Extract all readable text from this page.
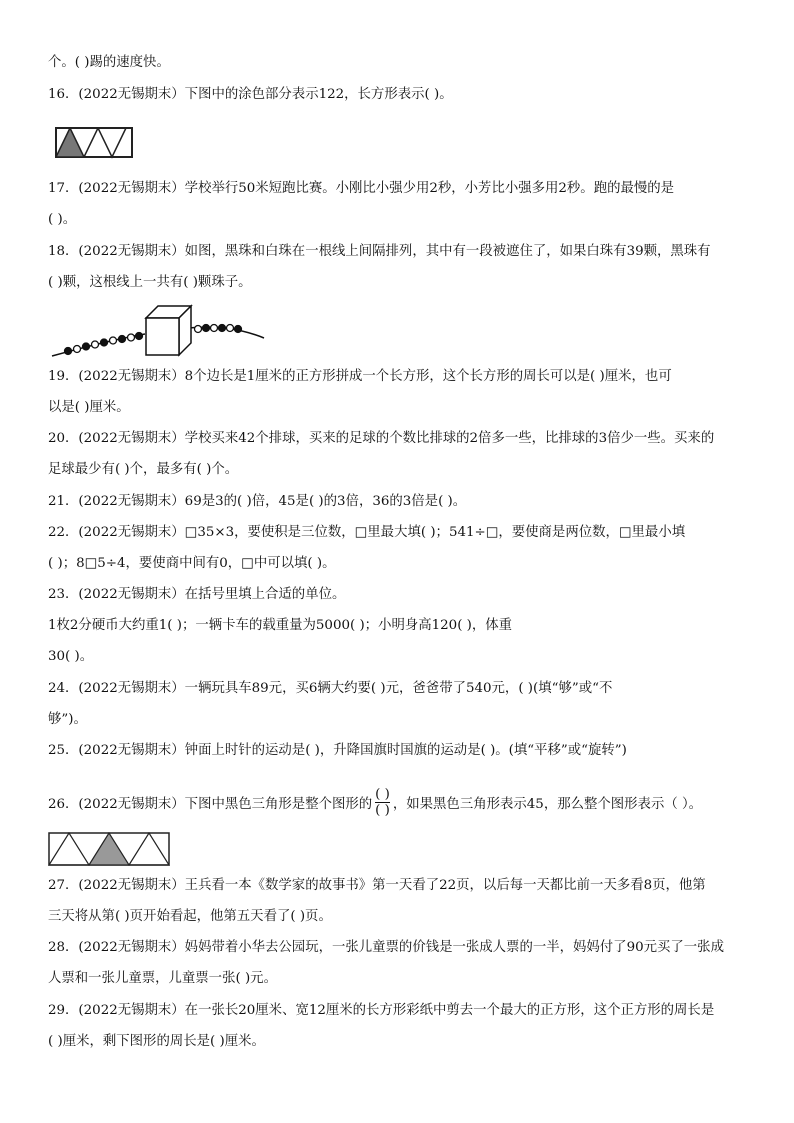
个。( )踢的速度快。
16．(2022无锡期末）下图中的涂色部分表示122，长方形表示( )。
17．(2022无锡期末）学校举行50米短跑比赛。小刚比小强少用2秒，小芳比小强多用2秒。跑的最慢的是
( )。
18．(2022无锡期末）如图，黑珠和白珠在一根线上间隔排列，其中有一段被遮住了，如果白珠有39颗，黑珠有
( )颗，这根线上一共有( )颗珠子。
19．(2022无锡期末）8个边长是1厘米的正方形拼成一个长方形，这个长方形的周长可以是( )厘米，也可
以是( )厘米。
20．(2022无锡期末）学校买来42个排球，买来的足球的个数比排球的2倍多一些，比排球的3倍少一些。买来的
足球最少有( )个，最多有( )个。
21．(2022无锡期末）69是3的( )倍，45是( )的3倍，36的3倍是( )。
22．(2022无锡期末）□35×3，要使积是三位数，□里最大填( )；541÷□，要使商是两位数，□里最小填
( )；8□5÷4，要使商中间有0，□中可以填( )。
23．(2022无锡期末）在括号里填上合适的单位。
1枚2分硬币大约重1( )；一辆卡车的载重量为5000( )；小明身高120( )，体重
30( )。
24．(2022无锡期末）一辆玩具车89元，买6辆大约要( )元，爸爸带了540元，( )(填“够”或“不
够”)。
25．(2022无锡期末）钟面上时针的运动是( )，升降国旗时国旗的运动是( )。(填“平移”或“旋转”)
26．(2022无锡期末）下图中黑色三角形是整个图形的
( )
( ) ，如果黑色三角形表示45，那么整个图形表示（ ）。
27．(2022无锡期末）王兵看一本《数学家的故事书》第一天看了22页，以后每一天都比前一天多看8页，他第
三天将从第( )页开始看起，他第五天看了( )页。
28．(2022无锡期末）妈妈带着小华去公园玩，一张儿童票的价钱是一张成人票的一半，妈妈付了90元买了一张成
人票和一张儿童票，儿童票一张( )元。
29．(2022无锡期末）在一张长20厘米、宽12厘米的长方形彩纸中剪去一个最大的正方形，这个正方形的周长是
( )厘米，剩下图形的周长是( )厘米。
